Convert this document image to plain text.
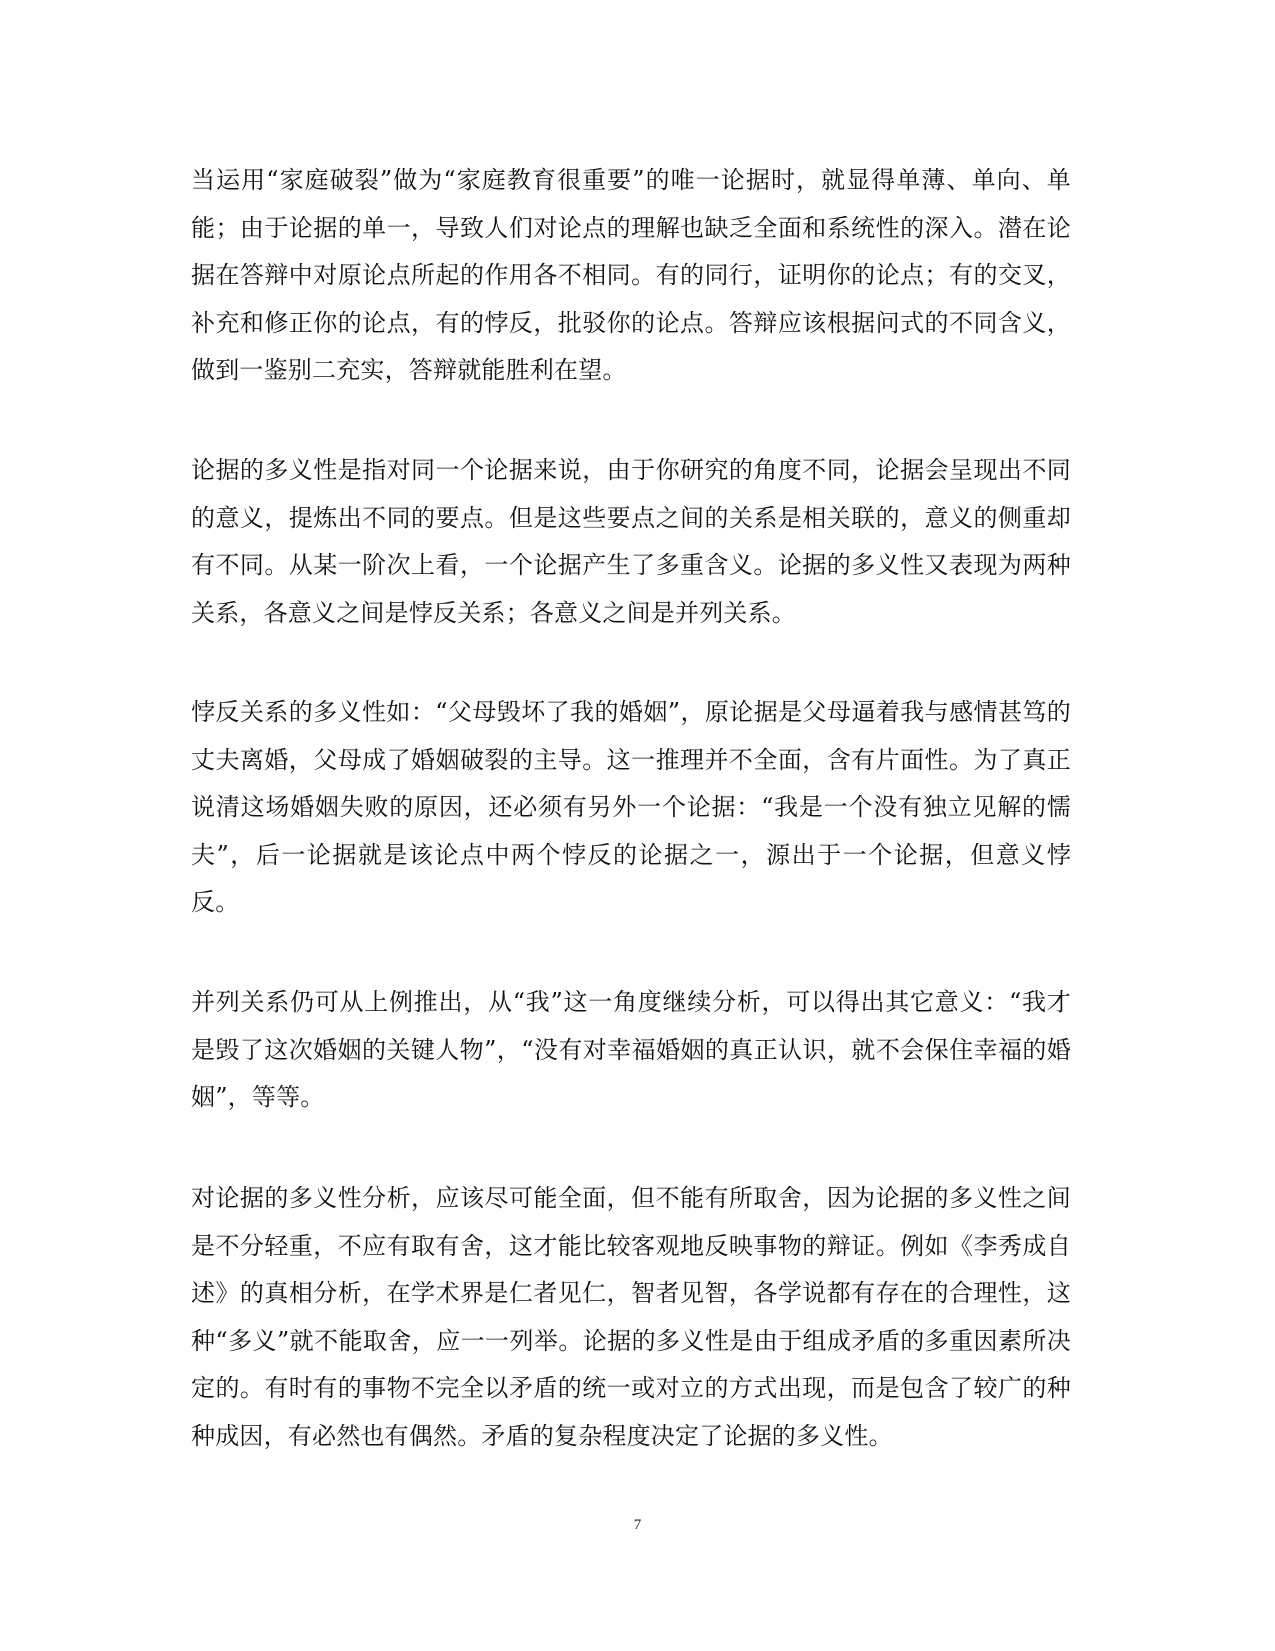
当运用“家庭破裂”做为“家庭教育很重要”的唯一论据时，就显得单薄、单向、单能；由于论据的单一，导致人们对论点的理解也缺乏全面和系统性的深入。潜在论据在答辩中对原论点所起的作用各不相同。有的同行，证明你的论点；有的交叉，补充和修正你的论点，有的悖反，批驳你的论点。答辩应该根据问式的不同含义，做到一鉴别二充实，答辩就能胜利在望。

论据的多义性是指对同一个论据来说，由于你研究的角度不同，论据会呈现出不同的意义，提炼出不同的要点。但是这些要点之间的关系是相关联的，意义的侧重却有不同。从某一阶次上看，一个论据产生了多重含义。论据的多义性又表现为两种关系，各意义之间是悖反关系；各意义之间是并列关系。

悖反关系的多义性如：“父母毁坏了我的婚姻”，原论据是父母逼着我与感情甚笃的丈夫离婚，父母成了婚姻破裂的主导。这一推理并不全面，含有片面性。为了真正说清这场婚姻失败的原因，还必须有另外一个论据：“我是一个没有独立见解的懦夫”，后一论据就是该论点中两个悖反的论据之一，源出于一个论据，但意义悖反。

并列关系仍可从上例推出，从“我”这一角度继续分析，可以得出其它意义：“我才是毁了这次婚姻的关键人物”，“没有对幸福婚姻的真正认识，就不会保住幸福的婚姻”，等等。

对论据的多义性分析，应该尽可能全面，但不能有所取舍，因为论据的多义性之间是不分轻重，不应有取有舍，这才能比较客观地反映事物的辩证。例如《李秀成自述》的真相分析，在学术界是仁者见仁，智者见智，各学说都有存在的合理性，这种“多义”就不能取舍，应一一列举。论据的多义性是由于组成矛盾的多重因素所决定的。有时有的事物不完全以矛盾的统一或对立的方式出现，而是包含了较广的种种成因，有必然也有偶然。矛盾的复杂程度决定了论据的多义性。

7
